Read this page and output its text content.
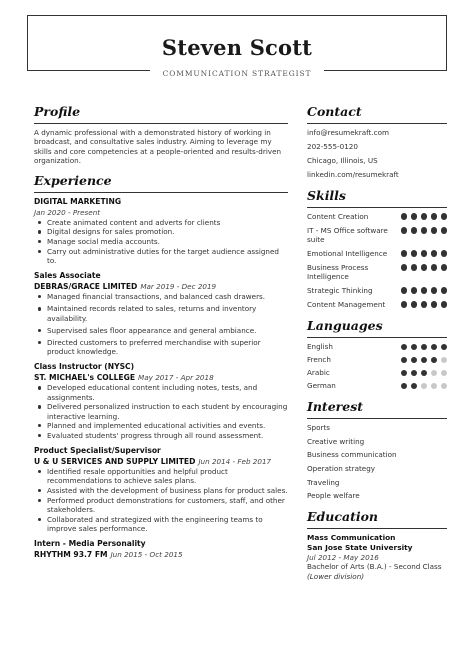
Steven Scott
COMMUNICATION STRATEGIST
Profile
A dynamic professional with a demonstrated history of working in broadcast, and consultative sales industry. Aiming to leverage my skills and core competencies at a people-oriented and results-driven organization.
Experience
DIGITAL MARKETING
Jan 2020 - Present
Create animated content and adverts for clients
Digital designs for sales promotion.
Manage social media accounts.
Carry out administrative duties for the target audience assigned to.
Sales Associate
DEBRAS/GRACE LIMITED Mar 2019 - Dec 2019
Managed financial transactions, and balanced cash drawers.
Maintained records related to sales, returns and inventory availability.
Supervised sales floor appearance and general ambiance.
Directed customers to preferred merchandise with superior product knowledge.
Class Instructor (NYSC)
ST. MICHAEL's COLLEGE May 2017 - Apr 2018
Developed educational content including notes, tests, and assignments.
Delivered personalized instruction to each student by encouraging interactive learning.
Planned and implemented educational activities and events.
Evaluated students' progress through all round assessment.
Product Specialist/Supervisor
U & U SERVICES AND SUPPLY LIMITED Jun 2014 - Feb 2017
Identified resale opportunities and helpful product recommendations to achieve sales plans.
Assisted with the development of business plans for product sales.
Performed product demonstrations for customers, staff, and other stakeholders.
Collaborated and strategized with the engineering teams to improve sales performance.
Intern - Media Personality
RHYTHM 93.7 FM Jun 2015 - Oct 2015
Contact
info@resumekraft.com
202-555-0120
Chicago, Illinois, US
linkedin.com/resumekraft
Skills
Content Creation
IT - MS Office software suite
Emotional Intelligence
Business Process Intelligence
Strategic Thinking
Content Management
Languages
English
French
Arabic
German
Interest
Sports
Creative writing
Business communication
Operation strategy
Traveling
People welfare
Education
Mass Communication
San Jose State University
Jul 2012 - May 2016
Bachelor of Arts (B.A.) - Second Class (Lower division)
